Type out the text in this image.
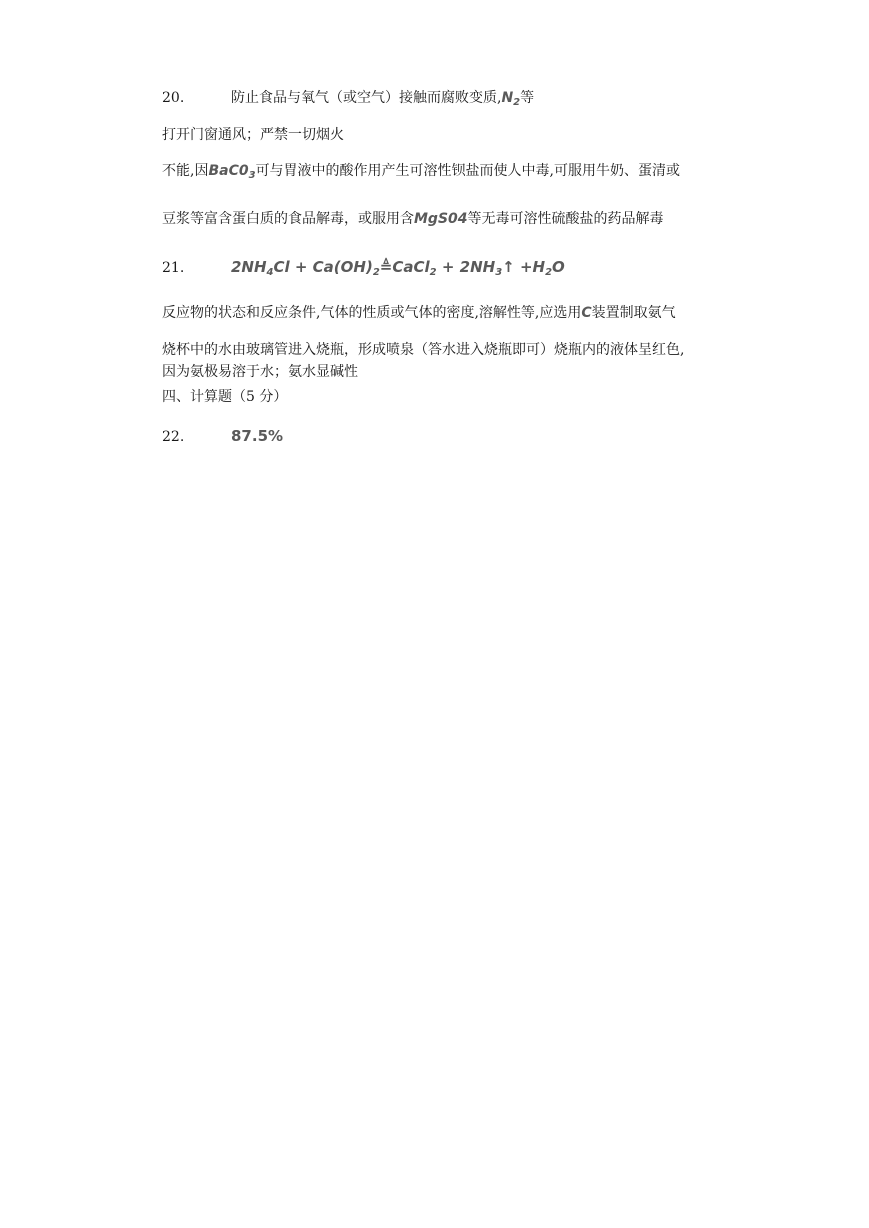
20.	防止食品与氧气（或空气）接触而腐败变质$,N_2$等
打开门窗通风；严禁一切烟火
不能,因$BaC0_3$可与胃液中的酸作用产生可溶性钡盐而使人中毒,可服用牛奶、蛋清或
豆浆等富含蛋白质的食品解毒，或服用含MgS04等无毒可溶性硫酸盐的药品解毒
21.	$2NH_4Cl$ + $Ca(OH)_2≜CaCl_2$ + $2NH_3↑ +H_2O$
反应物的状态和反应条件,气体的性质或气体的密度,溶解性等,应选用C装置制取氨气
烧杯中的水由玻璃管进入烧瓶，形成喷泉（答水进入烧瓶即可）烧瓶内的液体呈红色,
因为氨极易溶于水；氨水显碱性
四、计算题（5 分）
22.	87.5%
